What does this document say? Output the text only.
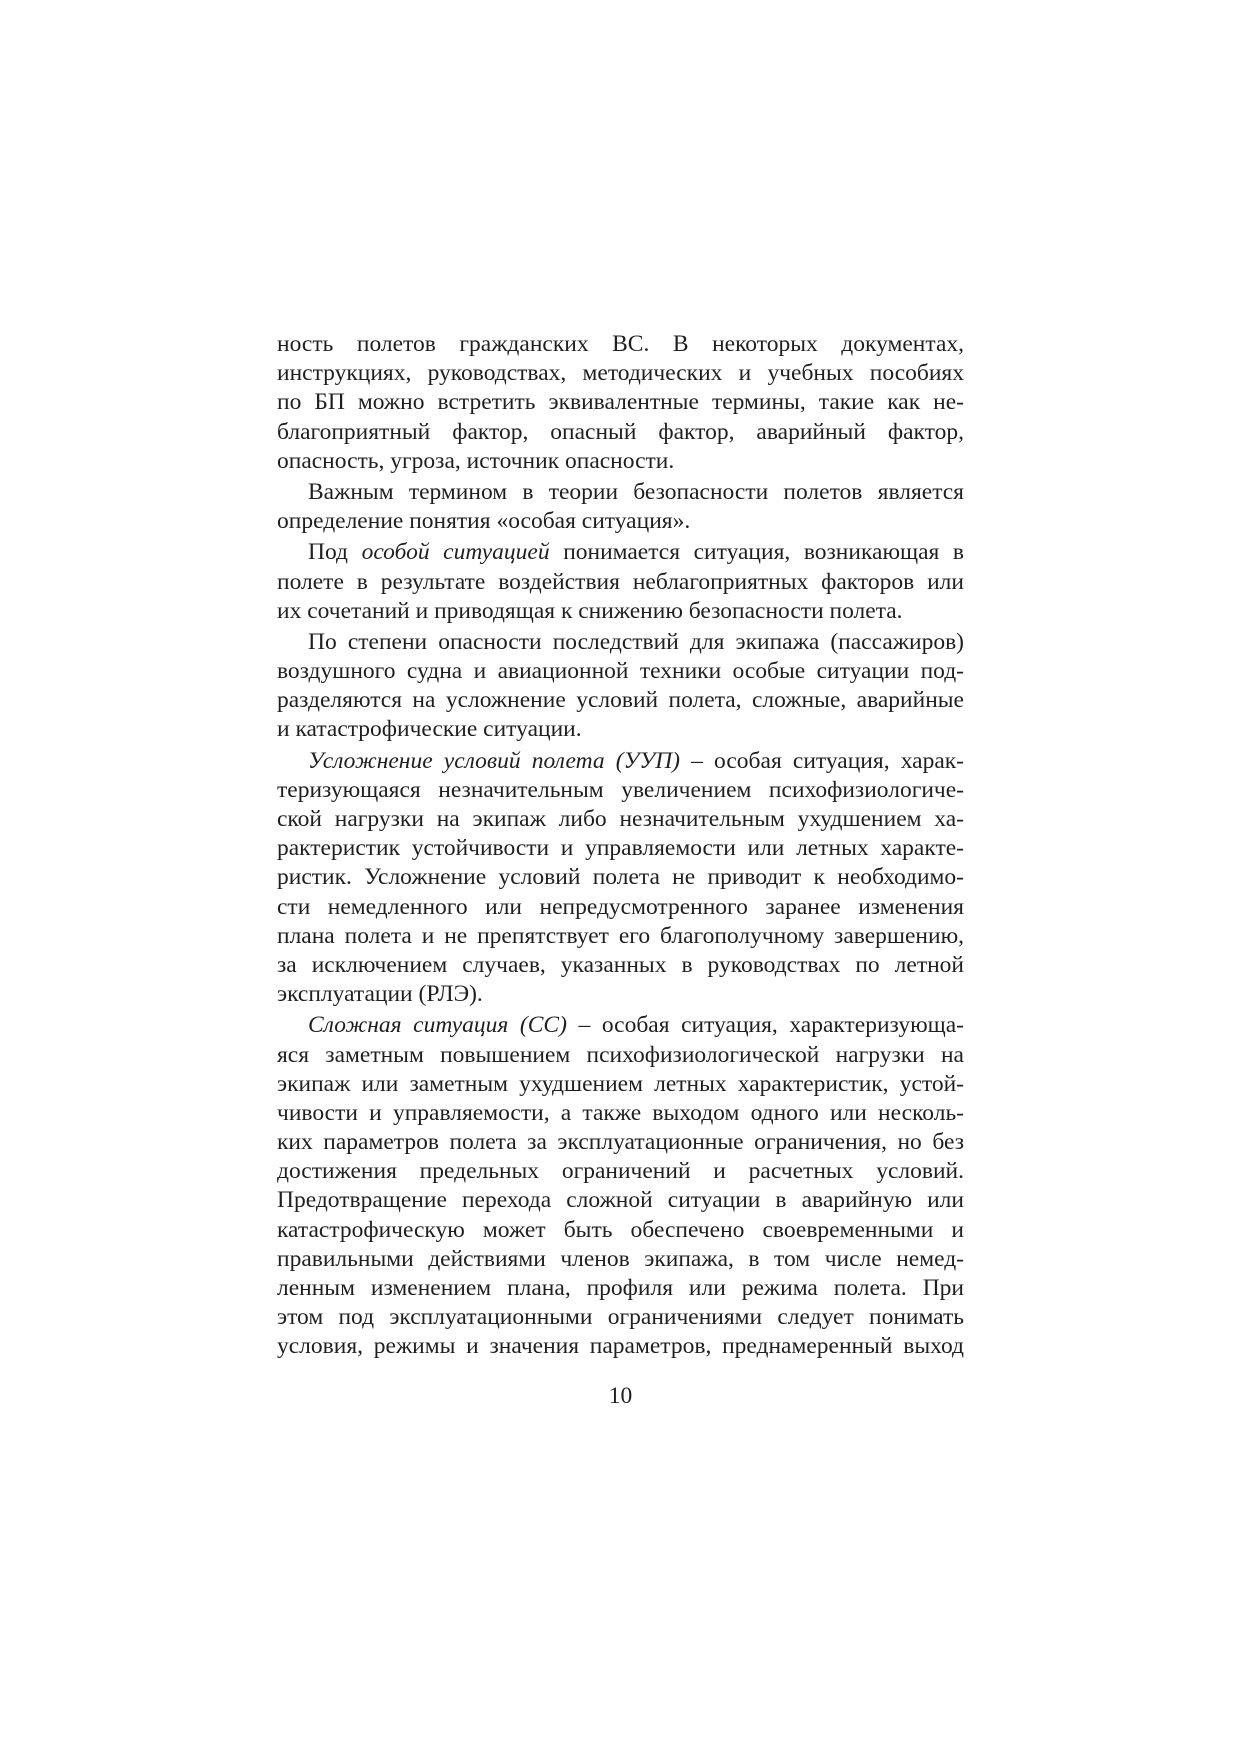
ность полетов гражданских ВС. В некоторых документах,
инструкциях, руководствах, методических и учебных пособиях
по БП можно встретить эквивалентные термины, такие как не-
благоприятный фактор, опасный фактор, аварийный фактор,
опасность, угроза, источник опасности.

Важным термином в теории безопасности полетов является
определение понятия «особая ситуация».

Под особой ситуацией понимается ситуация, возникающая в
полете в результате воздействия неблагоприятных факторов или
их сочетаний и приводящая к снижению безопасности полета.

По степени опасности последствий для экипажа (пассажиров)
воздушного судна и авиационной техники особые ситуации под-
разделяются на усложнение условий полета, сложные, аварийные
и катастрофические ситуации.

Усложнение условий полета (УУП) – особая ситуация, харак-
теризующаяся незначительным увеличением психофизиологиче-
ской нагрузки на экипаж либо незначительным ухудшением ха-
рактеристик устойчивости и управляемости или летных характе-
ристик. Усложнение условий полета не приводит к необходимо-
сти немедленного или непредусмотренного заранее изменения
плана полета и не препятствует его благополучному завершению,
за исключением случаев, указанных в руководствах по летной
эксплуатации (РЛЭ).

Сложная ситуация (СС) – особая ситуация, характеризующа-
яся заметным повышением психофизиологической нагрузки на
экипаж или заметным ухудшением летных характеристик, устой-
чивости и управляемости, а также выходом одного или несколь-
ких параметров полета за эксплуатационные ограничения, но без
достижения предельных ограничений и расчетных условий.
Предотвращение перехода сложной ситуации в аварийную или
катастрофическую может быть обеспечено своевременными и
правильными действиями членов экипажа, в том числе немед-
ленным изменением плана, профиля или режима полета. При
этом под эксплуатационными ограничениями следует понимать
условия, режимы и значения параметров, преднамеренный выход

10
